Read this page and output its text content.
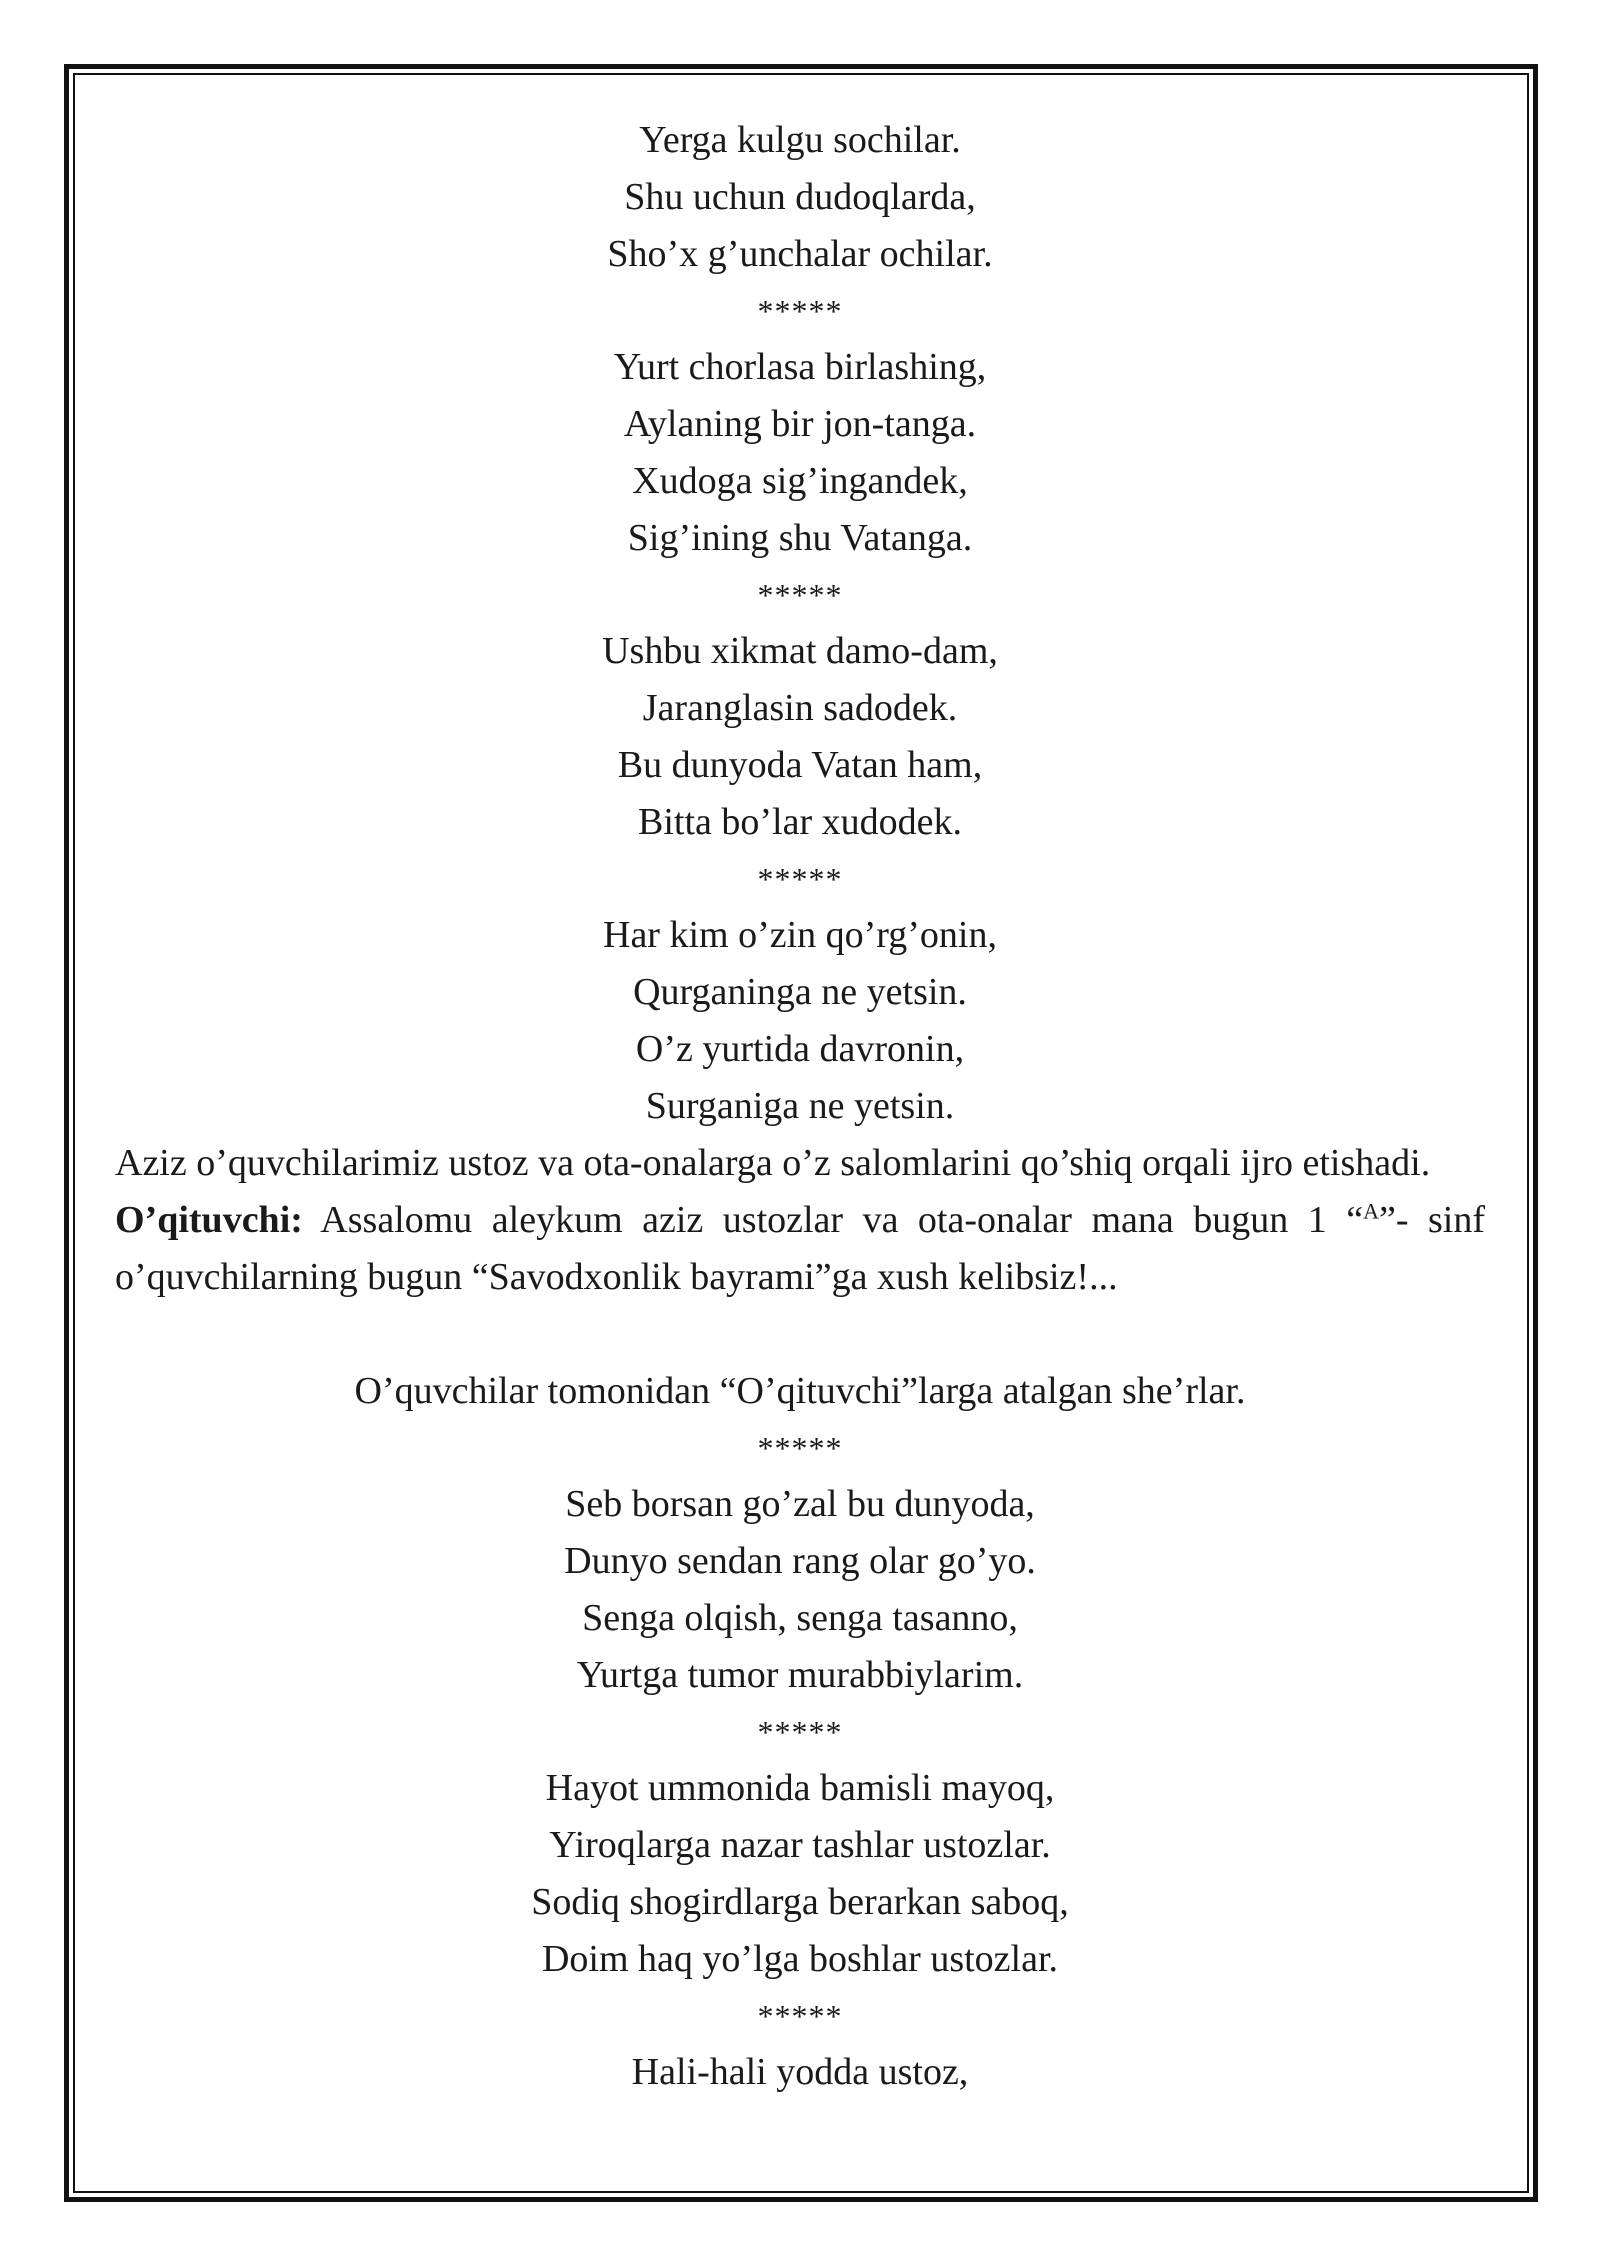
Yerga kulgu sochilar.

Shu uchun dudoqlarda,

Sho’x g’unchalar ochilar.

*****

Yurt chorlasa birlashing,

Aylaning bir jon-tanga.

Xudoga sig’ingandek,

Sig’ining shu Vatanga.

*****

Ushbu xikmat damo-dam,

Jaranglasin sadodek.

Bu dunyoda Vatan ham,

Bitta bo’lar xudodek.

*****

Har kim o’zin qo’rg’onin,

Qurganinga ne yetsin.

O’z yurtida davronin,

Surganiga ne yetsin.

Aziz o’quvchilarimiz ustoz va ota-onalarga o’z salomlarini qo’shiq orqali ijro etishadi.

O’qituvchi: Assalomu aleykum aziz ustozlar va ota-onalar mana bugun 1 “$^A$”- sinf o’quvchilarning bugun “Savodxonlik bayrami”ga xush kelibsiz!...

O’quvchilar tomonidan “O’qituvchi”larga atalgan she’rlar.

*****

Seb borsan go’zal bu dunyoda,

Dunyo sendan rang olar go’yo.

Senga olqish, senga tasanno,

Yurtga tumor murabbiylarim.

*****

Hayot ummonida bamisli mayoq,

Yiroqlarga nazar tashlar ustozlar.

Sodiq shogirdlarga berarkan saboq,

Doim haq yo’lga boshlar ustozlar.

*****

Hali-hali yodda ustoz,
